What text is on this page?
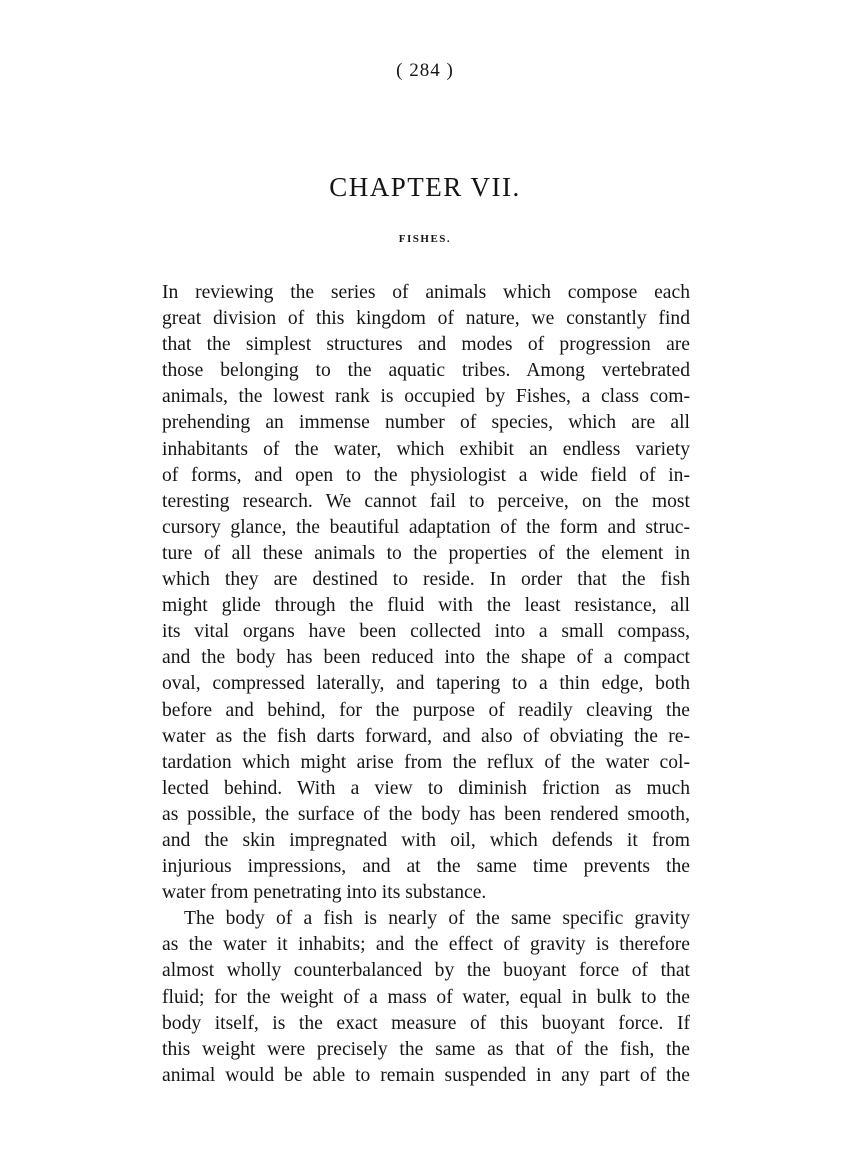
( 284 )
CHAPTER VII.
FISHES.
In reviewing the series of animals which compose each
great division of this kingdom of nature, we constantly find
that the simplest structures and modes of progression are
those belonging to the aquatic tribes. Among vertebrated
animals, the lowest rank is occupied by Fishes, a class com-
prehending an immense number of species, which are all
inhabitants of the water, which exhibit an endless variety
of forms, and open to the physiologist a wide field of in-
teresting research. We cannot fail to perceive, on the most
cursory glance, the beautiful adaptation of the form and struc-
ture of all these animals to the properties of the element in
which they are destined to reside. In order that the fish
might glide through the fluid with the least resistance, all
its vital organs have been collected into a small compass,
and the body has been reduced into the shape of a compact
oval, compressed laterally, and tapering to a thin edge, both
before and behind, for the purpose of readily cleaving the
water as the fish darts forward, and also of obviating the re-
tardation which might arise from the reflux of the water col-
lected behind. With a view to diminish friction as much
as possible, the surface of the body has been rendered smooth,
and the skin impregnated with oil, which defends it from
injurious impressions, and at the same time prevents the
water from penetrating into its substance.
The body of a fish is nearly of the same specific gravity
as the water it inhabits; and the effect of gravity is therefore
almost wholly counterbalanced by the buoyant force of that
fluid; for the weight of a mass of water, equal in bulk to the
body itself, is the exact measure of this buoyant force. If
this weight were precisely the same as that of the fish, the
animal would be able to remain suspended in any part of the
